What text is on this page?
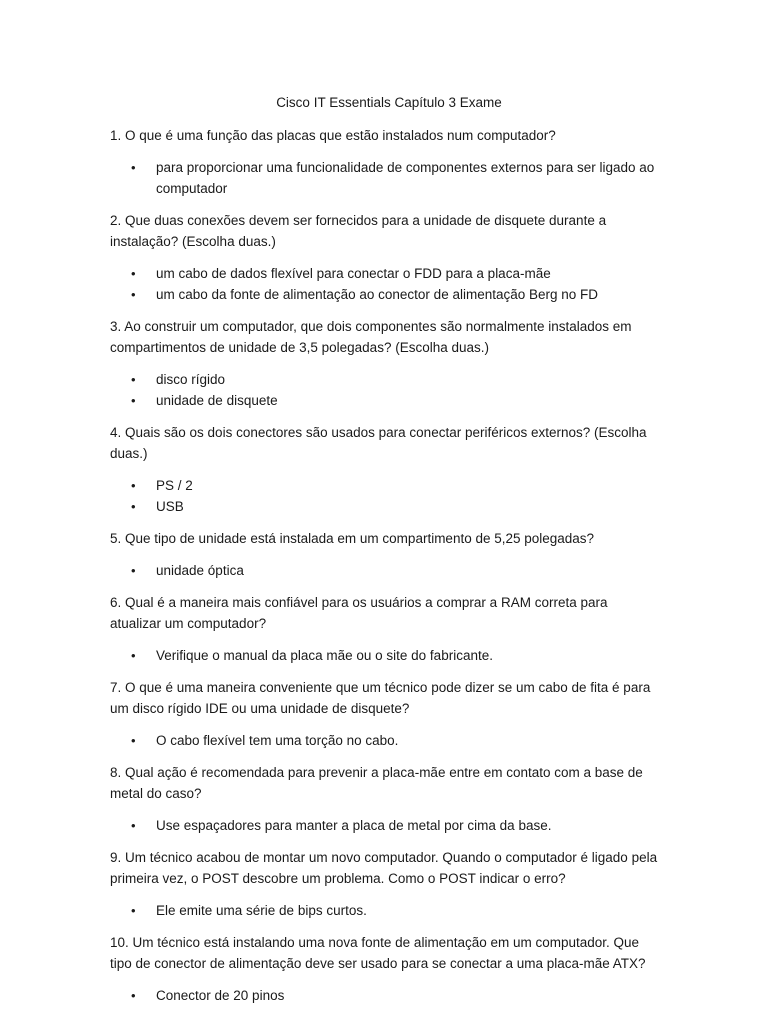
Cisco IT Essentials Capítulo 3 Exame

1. O que é uma função das placas que estão instalados num computador?

• para proporcionar uma funcionalidade de componentes externos para ser ligado ao computador

2. Que duas conexões devem ser fornecidos para a unidade de disquete durante a instalação? (Escolha duas.)

• um cabo de dados flexível para conectar o FDD para a placa-mãe
• um cabo da fonte de alimentação ao conector de alimentação Berg no FD

3. Ao construir um computador, que dois componentes são normalmente instalados em compartimentos de unidade de 3,5 polegadas? (Escolha duas.)

• disco rígido
• unidade de disquete

4. Quais são os dois conectores são usados para conectar periféricos externos? (Escolha duas.)

• PS / 2
• USB

5. Que tipo de unidade está instalada em um compartimento de 5,25 polegadas?

• unidade óptica

6. Qual é a maneira mais confiável para os usuários a comprar a RAM correta para atualizar um computador?

• Verifique o manual da placa mãe ou o site do fabricante.

7. O que é uma maneira conveniente que um técnico pode dizer se um cabo de fita é para um disco rígido IDE ou uma unidade de disquete?

• O cabo flexível tem uma torção no cabo.

8. Qual ação é recomendada para prevenir a placa-mãe entre em contato com a base de metal do caso?

• Use espaçadores para manter a placa de metal por cima da base.

9. Um técnico acabou de montar um novo computador. Quando o computador é ligado pela primeira vez, o POST descobre um problema. Como o POST indicar o erro?

• Ele emite uma série de bips curtos.

10. Um técnico está instalando uma nova fonte de alimentação em um computador. Que tipo de conector de alimentação deve ser usado para se conectar a uma placa-mãe ATX?

• Conector de 20 pinos
